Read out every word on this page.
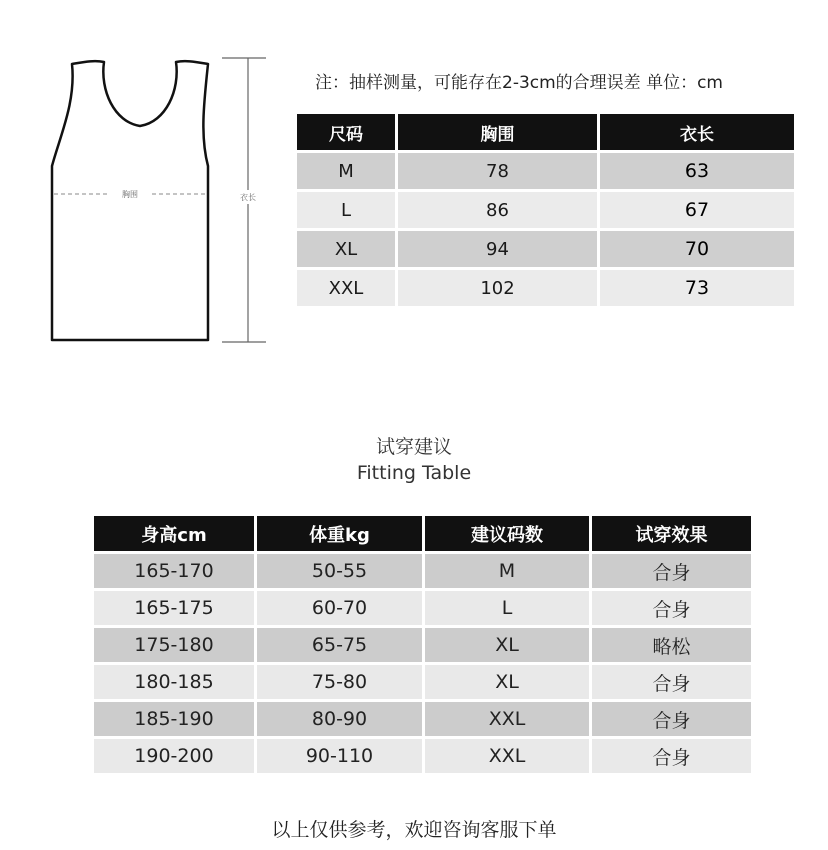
胸围	衣长
注：抽样测量，可能存在2-3cm的合理误差 单位：cm
尺码	胸围	衣长
M	78	63
L	86	67
XL	94	70
XXL	102	73
试穿建议
Fitting Table
身高cm	体重kg	建议码数	试穿效果
165-170	50-55	M	合身
165-175	60-70	L	合身
175-180	65-75	XL	略松
180-185	75-80	XL	合身
185-190	80-90	XXL	合身
190-200	90-110	XXL	合身
以上仅供参考，欢迎咨询客服下单
